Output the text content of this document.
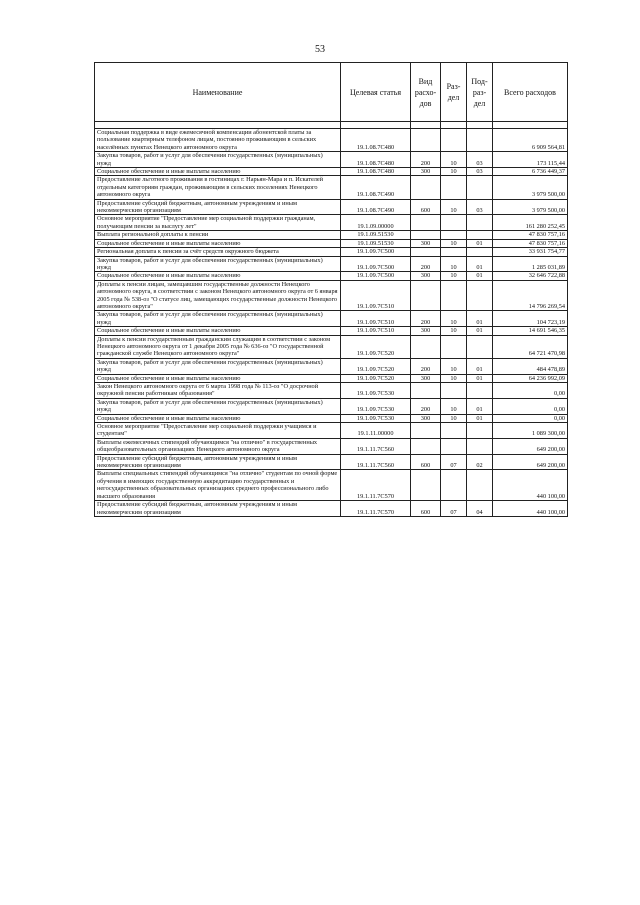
53
Наименование	Целевая статья	Вид расхо-дов	Раз-дел	Под-раз-дел	Всего расходов

Социальная поддержка в виде ежемесячной компенсации абонентской платы за пользование квартирным телефоном лицам, постоянно проживающим в сельских населённых пунктах Ненецкого автономного округа	19.1.08.7С480				6 909 564,81
Закупка товаров, работ и услуг для обеспечения государственных (муниципальных) нужд	19.1.08.7С480	200	10	03	173 115,44
Социальное обеспечение и иные выплаты населению	19.1.08.7С480	300	10	03	6 736 449,37
Предоставление льготного проживания в гостиницах г. Нарьян-Мара и п. Искателей отдельным категориям граждан, проживающим в сельских поселениях Ненецкого автономного округа	19.1.08.7С490				3 979 500,00
Предоставление субсидий бюджетным, автономным учреждениям и иным некоммерческим организациям	19.1.08.7С490	600	10	03	3 979 500,00
Основное мероприятие "Предоставление мер социальной поддержки гражданам, получающим пенсии за выслугу лет"	19.1.09.00000				161 280 252,45
Выплата региональной доплаты к пенсии	19.1.09.51530				47 830 757,16
Социальное обеспечение и иные выплаты населению	19.1.09.51530	300	10	01	47 830 757,16
Региональная доплата к пенсии за счёт средств окружного бюджета	19.1.09.7С500				33 931 754,77
Закупка товаров, работ и услуг для обеспечения государственных (муниципальных) нужд	19.1.09.7С500	200	10	01	1 285 031,89
Социальное обеспечение и иные выплаты населению	19.1.09.7С500	300	10	01	32 646 722,88
Доплаты к пенсии лицам, замещавшим государственные должности Ненецкого автономного округа, в соответствии с законом Ненецкого автономного округа от 6 января 2005 года № 538-оз "О статусе лиц, замещающих государственные должности Ненецкого автономного округа"	19.1.09.7С510				14 796 269,54
Закупка товаров, работ и услуг для обеспечения государственных (муниципальных) нужд	19.1.09.7С510	200	10	01	104 723,19
Социальное обеспечение и иные выплаты населению	19.1.09.7С510	300	10	01	14 691 546,35
Доплаты к пенсии государственным гражданским служащим в соответствии с законом Ненецкого автономного округа от 1 декабря 2005 года № 636-оз "О государственной гражданской службе Ненецкого автономного округа"	19.1.09.7С520				64 721 470,98
Закупка товаров, работ и услуг для обеспечения государственных (муниципальных) нужд	19.1.09.7С520	200	10	01	484 478,89
Социальное обеспечение и иные выплаты населению	19.1.09.7С520	300	10	01	64 236 992,09
Закон Ненецкого автономного округа от 6 марта 1998 года № 113-оз "О досрочной окружной пенсии работникам образования"	19.1.09.7С530				0,00
Закупка товаров, работ и услуг для обеспечения государственных (муниципальных) нужд	19.1.09.7С530	200	10	01	0,00
Социальное обеспечение и иные выплаты населению	19.1.09.7С530	300	10	01	0,00
Основное мероприятие "Предоставление мер социальной поддержки учащимся и студентам"	19.1.11.00000				1 089 300,00
Выплаты ежемесячных стипендий обучающимся "на отлично" в государственных общеобразовательных организациях Ненецкого автономного округа	19.1.11.7С560				649 200,00
Предоставление субсидий бюджетным, автономным учреждениям и иным некоммерческим организациям	19.1.11.7С560	600	07	02	649 200,00
Выплаты специальных стипендий обучающимся "на отлично" студентам по очной форме обучения в имеющих государственную аккредитацию государственных и негосударственных образовательных организациях среднего профессионального либо высшего образования	19.1.11.7С570				440 100,00
Предоставление субсидий бюджетным, автономным учреждениям и иным некоммерческим организациям	19.1.11.7С570	600	07	04	440 100,00
